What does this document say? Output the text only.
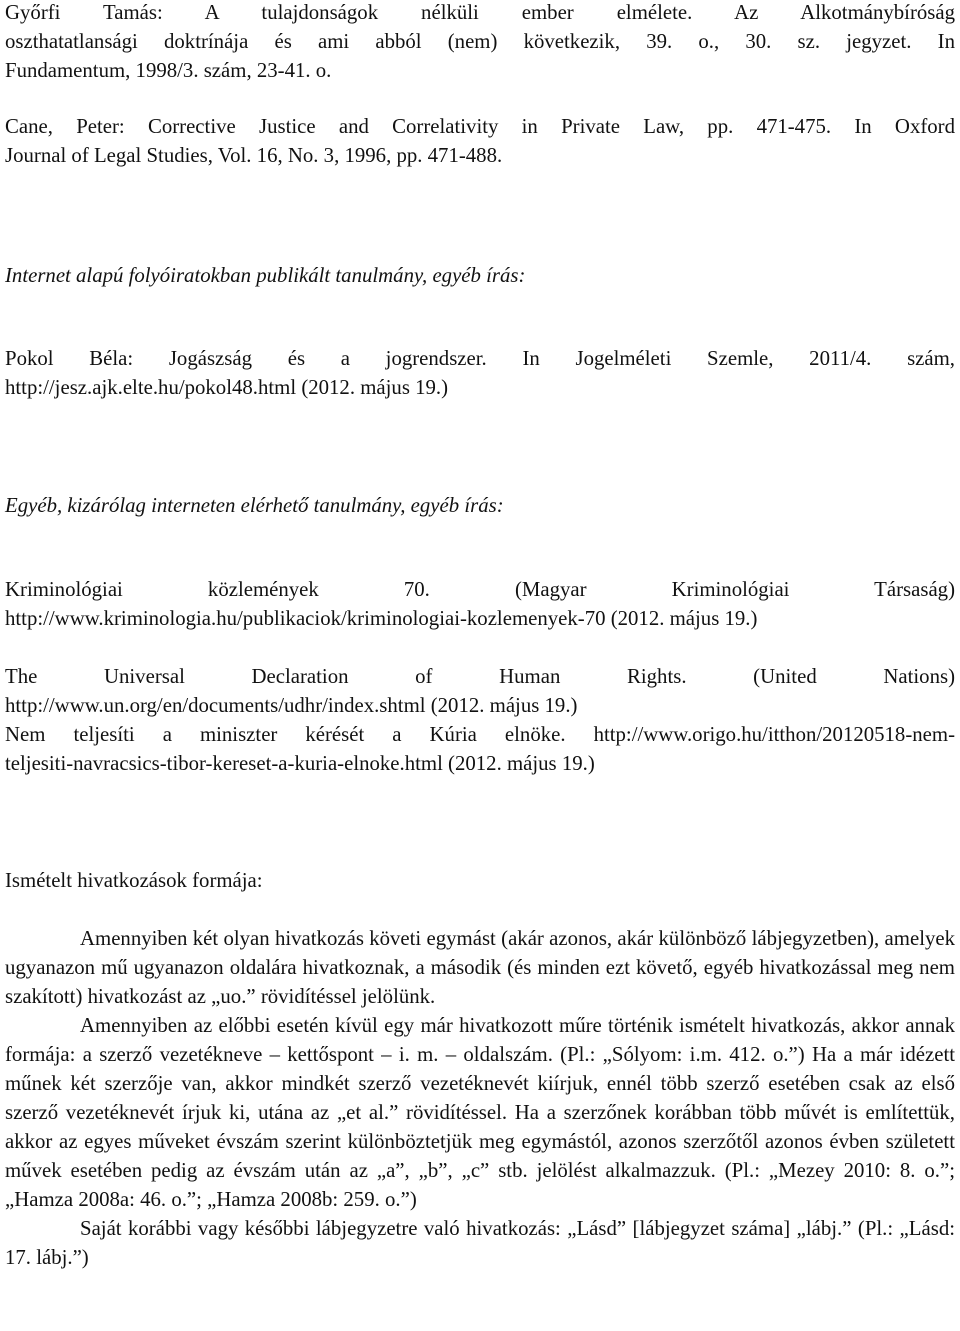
Győrfi Tamás: A tulajdonságok nélküli ember elmélete. Az Alkotmánybíróság
oszthatatlansági doktrínája és ami abból (nem) következik, 39. o., 30. sz. jegyzet. In
Fundamentum, 1998/3. szám, 23-41. o.

Cane, Peter: Corrective Justice and Correlativity in Private Law, pp. 471-475. In Oxford
Journal of Legal Studies, Vol. 16, No. 3, 1996, pp. 471-488.

Internet alapú folyóiratokban publikált tanulmány, egyéb írás:

Pokol Béla: Jogászság és a jogrendszer. In Jogelméleti Szemle, 2011/4. szám,
http://jesz.ajk.elte.hu/pokol48.html (2012. május 19.)

Egyéb, kizárólag interneten elérhető tanulmány, egyéb írás:

Kriminológiai közlemények 70. (Magyar Kriminológiai Társaság)
http://www.kriminologia.hu/publikaciok/kriminologiai-kozlemenyek-70 (2012. május 19.)

The Universal Declaration of Human Rights. (United Nations)
http://www.un.org/en/documents/udhr/index.shtml (2012. május 19.)

Nem teljesíti a miniszter kérését a Kúria elnöke. http://www.origo.hu/itthon/20120518-nem-
teljesiti-navracsics-tibor-kereset-a-kuria-elnoke.html (2012. május 19.)

Ismételt hivatkozások formája:

Amennyiben két olyan hivatkozás követi egymást (akár azonos, akár különböző lábjegyzetben), amelyek ugyanazon mű ugyanazon oldalára hivatkoznak, a második (és minden ezt követő, egyéb hivatkozással meg nem szakított) hivatkozást az „uo.” rövidítéssel jelölünk.

Amennyiben az előbbi esetén kívül egy már hivatkozott műre történik ismételt hivatkozás, akkor annak formája: a szerző vezetékneve – kettőspont – i. m. – oldalszám. (Pl.: „Sólyom: i.m. 412. o.”) Ha a már idézett műnek két szerzője van, akkor mindkét szerző vezetéknevét kiírjuk, ennél több szerző esetében csak az első szerző vezetéknevét írjuk ki, utána az „et al.” rövidítéssel. Ha a szerzőnek korábban több művét is említettük, akkor az egyes műveket évszám szerint különböztetjük meg egymástól, azonos szerzőtől azonos évben született művek esetében pedig az évszám után az „a”, „b”, „c” stb. jelölést alkalmazzuk. (Pl.: „Mezey 2010: 8. o.”; „Hamza 2008a: 46. o.”; „Hamza 2008b: 259. o.”)

Saját korábbi vagy későbbi lábjegyzetre való hivatkozás: „Lásd” [lábjegyzet száma] „lábj.” (Pl.: „Lásd: 17. lábj.”)
